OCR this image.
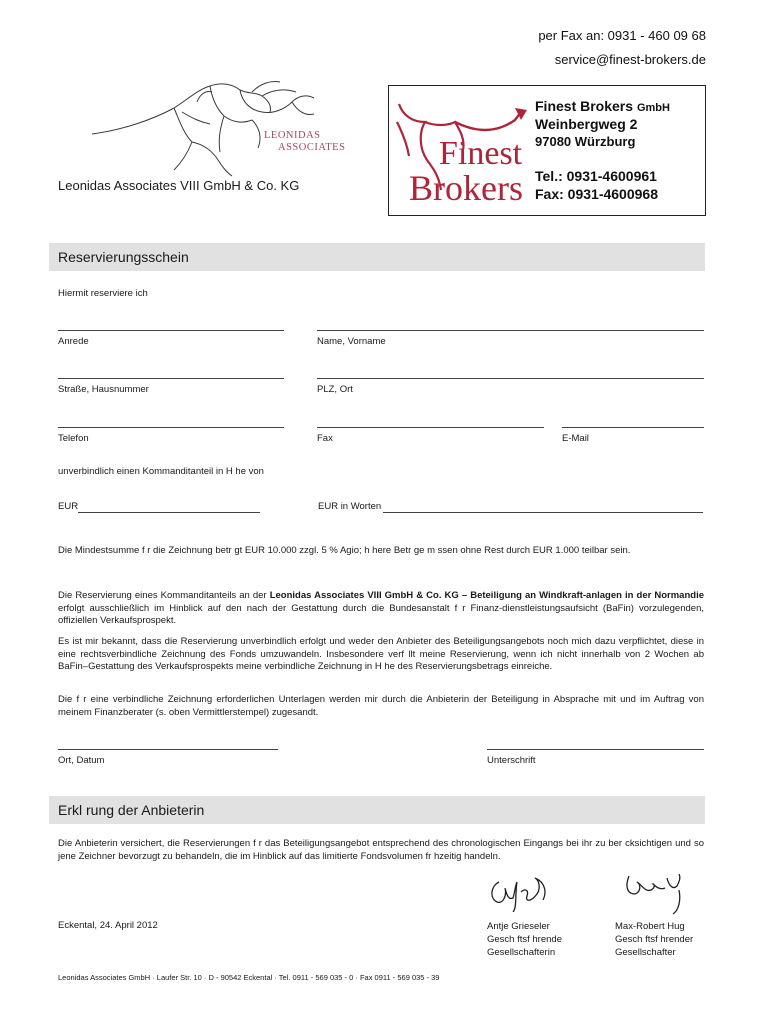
per Fax an: 0931 - 460 09 68
service@finest-brokers.de
LEONIDAS
ASSOCIATES
Leonidas Associates VIII GmbH & Co. KG
Finest
Brokers
Finest Brokers GmbH
Weinbergweg 2
97080 Würzburg
Tel.: 0931-4600961
Fax: 0931-4600968
Reservierungsschein
Hiermit reserviere ich
Anrede	Name, Vorname
Straße, Hausnummer	PLZ, Ort
Telefon	Fax	E-Mail
unverbindlich einen Kommanditanteil in H he von
EUR	EUR in Worten
Die Mindestsumme f r die Zeichnung betr gt EUR 10.000 zzgl. 5 % Agio; h here Betr ge m ssen ohne Rest durch EUR 1.000 teilbar sein.
Die Reservierung eines Kommanditanteils an der Leonidas Associates VIII GmbH & Co. KG – Beteiligung an Windkraft-anlagen in der Normandie erfolgt ausschließlich im Hinblick auf den nach der Gestattung durch die Bundesanstalt f r Finanz-dienstleistungsaufsicht (BaFin) vorzulegenden, offiziellen Verkaufsprospekt.
Es ist mir bekannt, dass die Reservierung unverbindlich erfolgt und weder den Anbieter des Beteiligungsangebots noch mich dazu verpflichtet, diese in eine rechtsverbindliche Zeichnung des Fonds umzuwandeln. Insbesondere verf llt meine Reservierung, wenn ich nicht innerhalb von 2 Wochen ab BaFin–Gestattung des Verkaufsprospekts meine verbindliche Zeichnung in H he des Reservierungsbetrags einreiche.
Die f r eine verbindliche Zeichnung erforderlichen Unterlagen werden mir durch die Anbieterin der Beteiligung in Absprache mit und im Auftrag von meinem Finanzberater (s. oben Vermittlerstempel) zugesandt.
Ort, Datum	Unterschrift
Erkl rung der Anbieterin
Die Anbieterin versichert, die Reservierungen f r das Beteiligungsangebot entsprechend des chronologischen Eingangs bei ihr zu ber cksichtigen und so jene Zeichner bevorzugt zu behandeln, die im Hinblick auf das limitierte Fondsvolumen fr hzeitig handeln.
Eckental, 24. April 2012	Antje Grieseler
Gesch ftsf hrende
Gesellschafterin
Max-Robert Hug
Gesch ftsf hrender
Gesellschafter
Leonidas Associates GmbH · Laufer Str. 10 · D - 90542 Eckental · Tel. 0911 - 569 035 - 0 · Fax 0911 - 569 035 - 39
